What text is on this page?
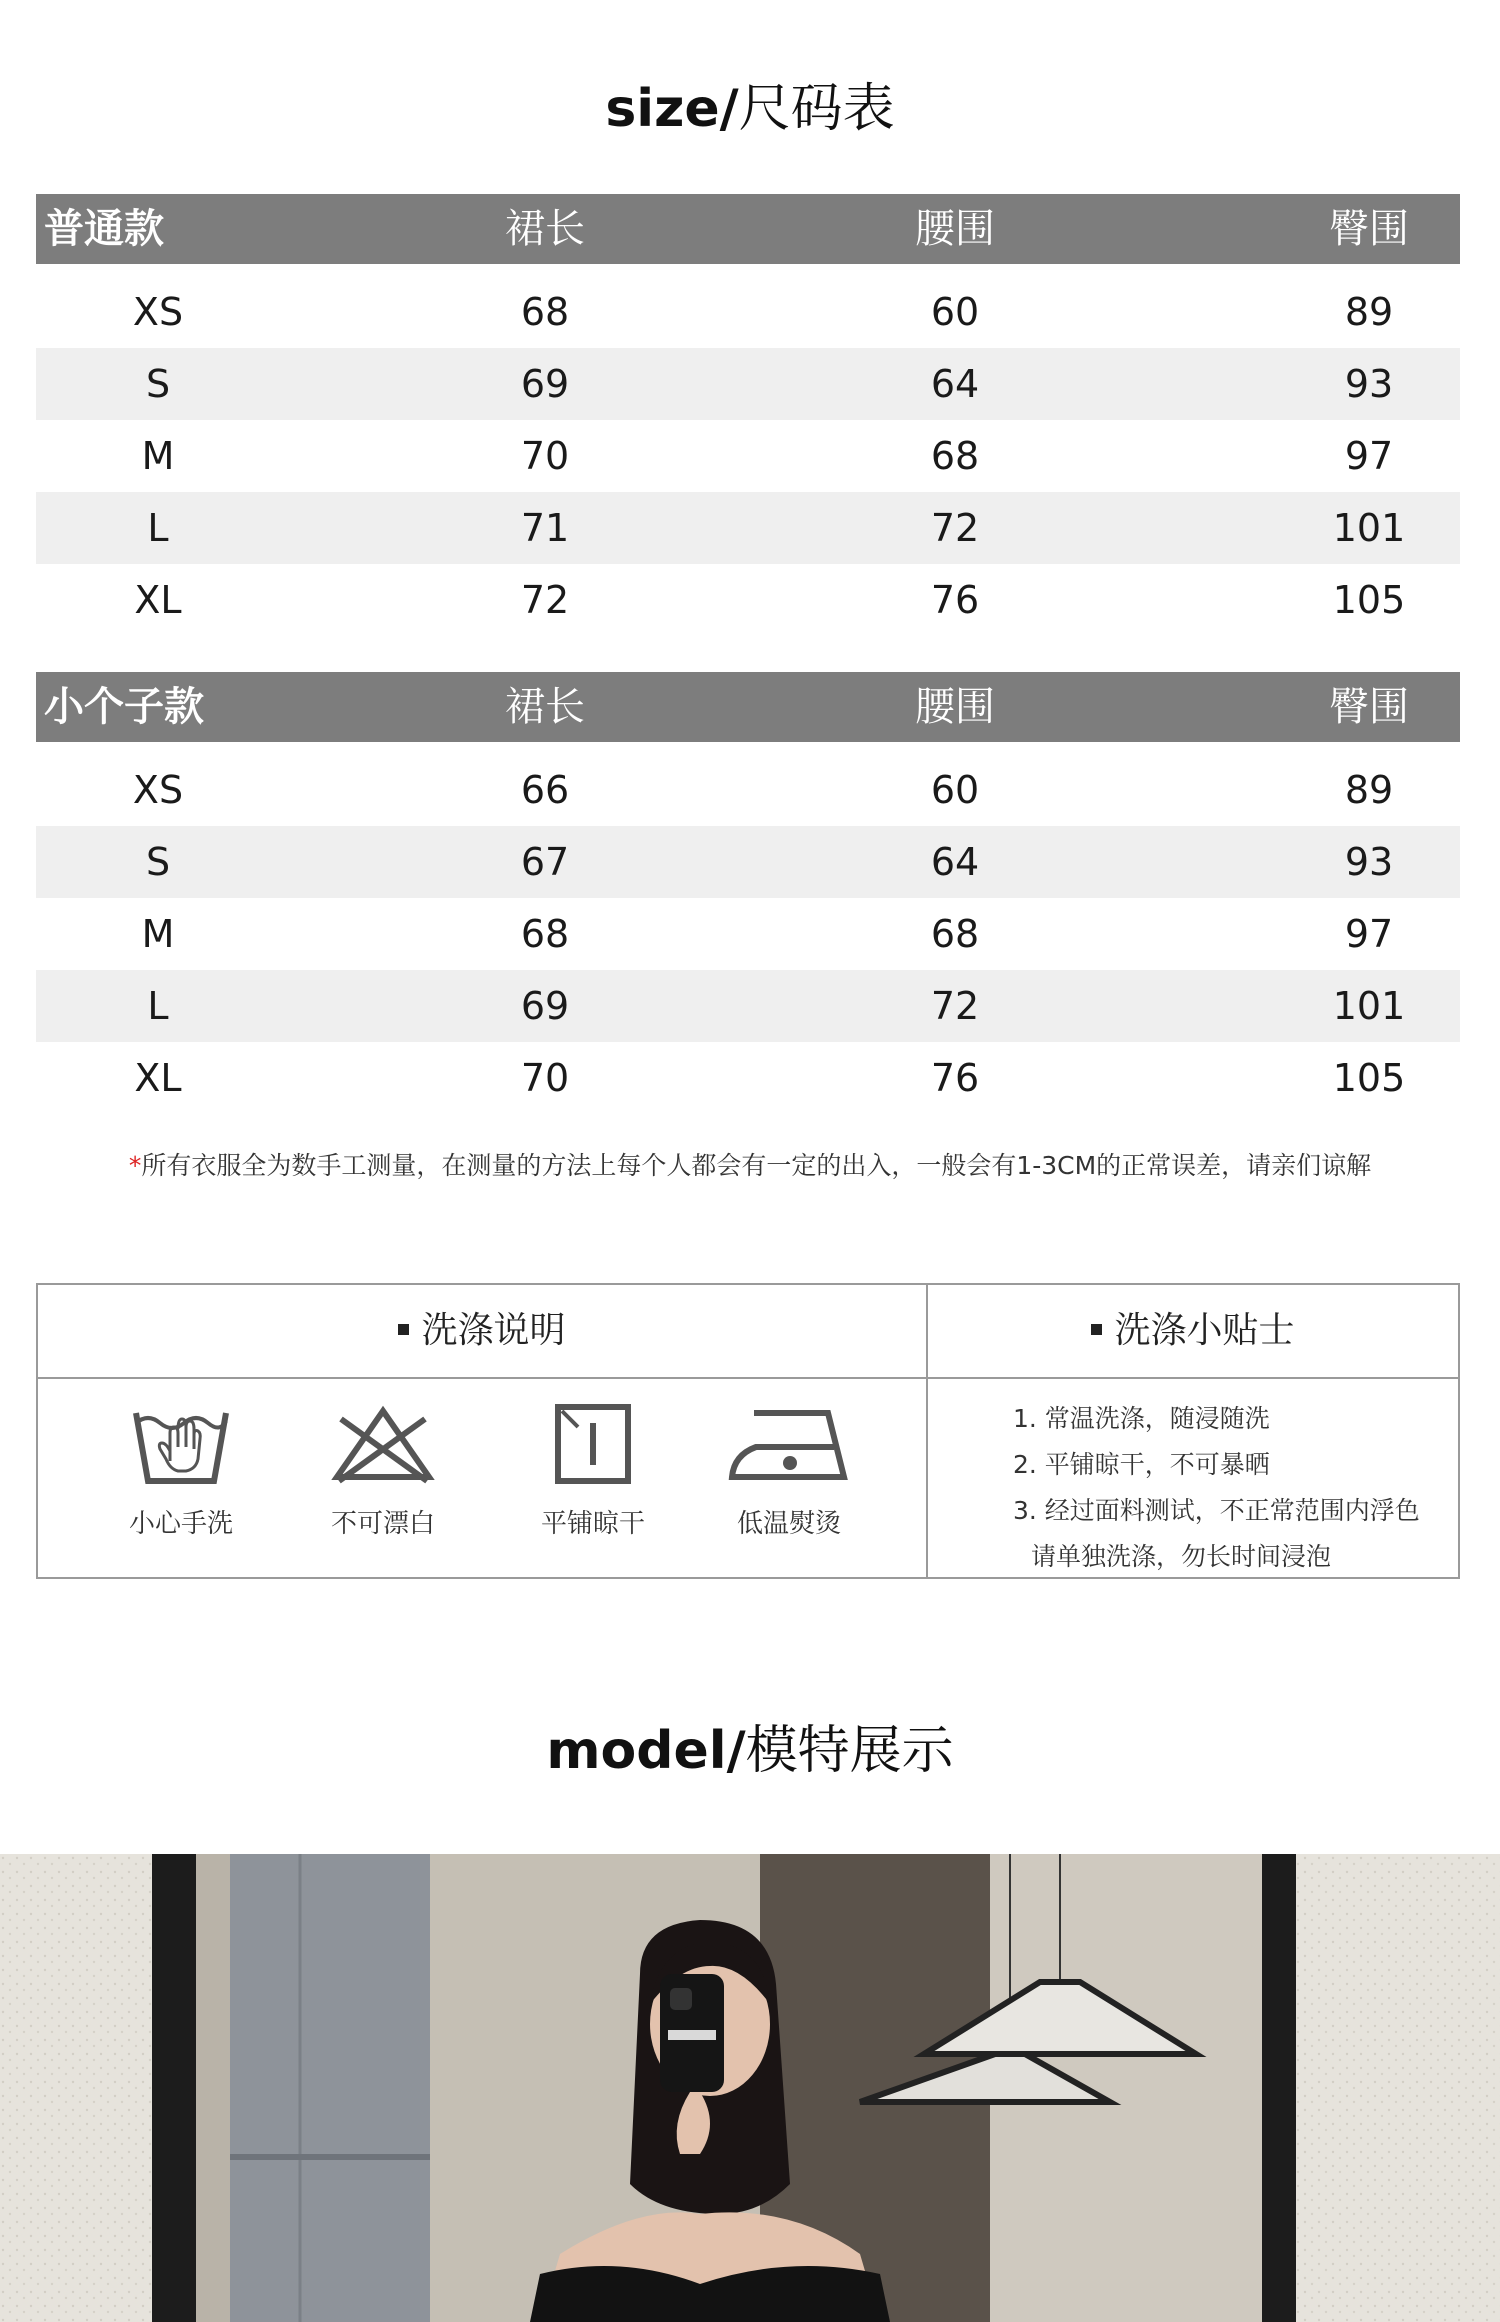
size/尺码表
普通款	裙长	腰围	臀围
XS	68	60	89
S	69	64	93
M	70	68	97
L	71	72	101
XL	72	76	105
小个子款	裙长	腰围	臀围
XS	66	60	89
S	67	64	93
M	68	68	97
L	69	72	101
XL	70	76	105
*所有衣服全为数手工测量，在测量的方法上每个人都会有一定的出入，一般会有1-3CM的正常误差，请亲们谅解
洗涤说明	洗涤小贴士
小心手洗	不可漂白	平铺晾干	低温熨烫
1. 常温洗涤，随浸随洗
2. 平铺晾干，不可暴晒
3. 经过面料测试，不正常范围内浮色
请单独洗涤，勿长时间浸泡
model/模特展示
